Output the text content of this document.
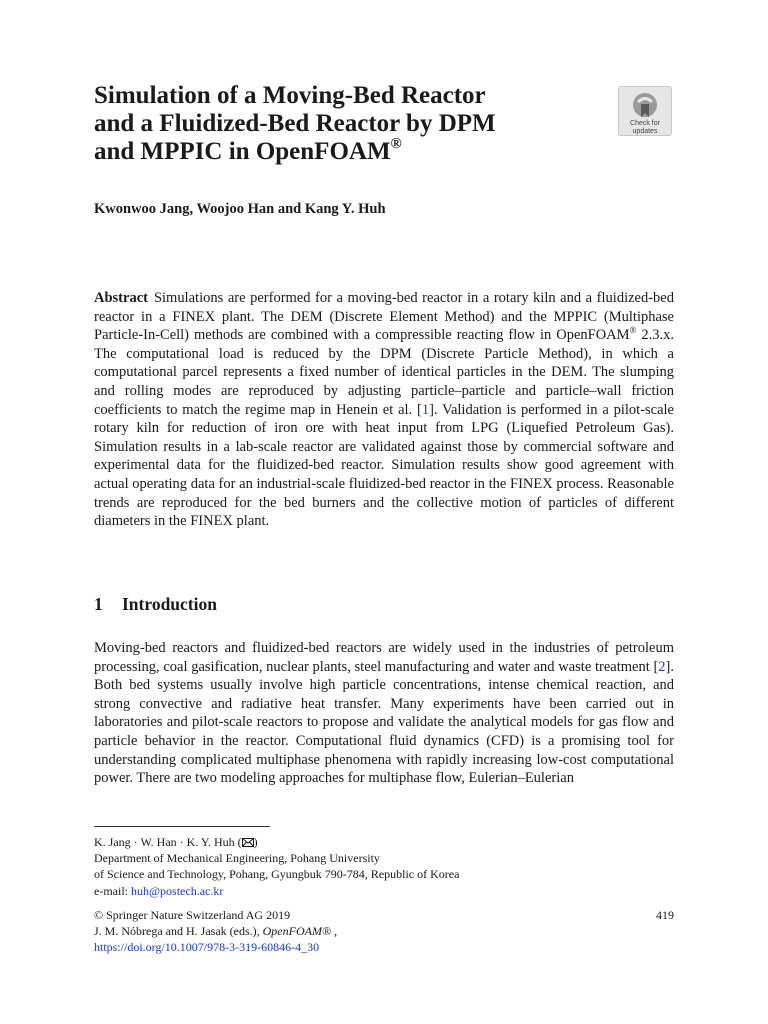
Simulation of a Moving-Bed Reactor
and a Fluidized-Bed Reactor by DPM
and MPPIC in OpenFOAM®
Check for
updates

Kwonwoo Jang, Woojoo Han and Kang Y. Huh

Abstract Simulations are performed for a moving-bed reactor in a rotary kiln and a fluidized-bed reactor in a FINEX plant. The DEM (Discrete Element Method) and the MPPIC (Multiphase Particle-In-Cell) methods are combined with a compressible reacting flow in OpenFOAM® 2.3.x. The computational load is reduced by the DPM (Discrete Particle Method), in which a computational parcel represents a fixed number of identical particles in the DEM. The slumping and rolling modes are reproduced by adjusting particle–particle and particle–wall friction coefficients to match the regime map in Henein et al. [1]. Validation is performed in a pilot-scale rotary kiln for reduction of iron ore with heat input from LPG (Liquefied Petroleum Gas). Simulation results in a lab-scale reactor are validated against those by commercial software and experimental data for the fluidized-bed reactor. Simulation results show good agreement with actual operating data for an industrial-scale fluidized-bed reactor in the FINEX process. Reasonable trends are reproduced for the bed burners and the collective motion of particles of different diameters in the FINEX plant.

1 Introduction

Moving-bed reactors and fluidized-bed reactors are widely used in the industries of petroleum processing, coal gasification, nuclear plants, steel manufacturing and water and waste treatment [2]. Both bed systems usually involve high particle concentrations, intense chemical reaction, and strong convective and radiative heat transfer. Many experiments have been carried out in laboratories and pilot-scale reactors to propose and validate the analytical models for gas flow and particle behavior in the reactor. Computational fluid dynamics (CFD) is a promising tool for understanding complicated multiphase phenomena with rapidly increasing low-cost computational power. There are two modeling approaches for multiphase flow, Eulerian–Eulerian

K. Jang · W. Han · K. Y. Huh ( )
Department of Mechanical Engineering, Pohang University
of Science and Technology, Pohang, Gyungbuk 790-784, Republic of Korea
e-mail: huh@postech.ac.kr
© Springer Nature Switzerland AG 2019
J. M. Nóbrega and H. Jasak (eds.), OpenFOAM® ,
https://doi.org/10.1007/978-3-319-60846-4_30
419
